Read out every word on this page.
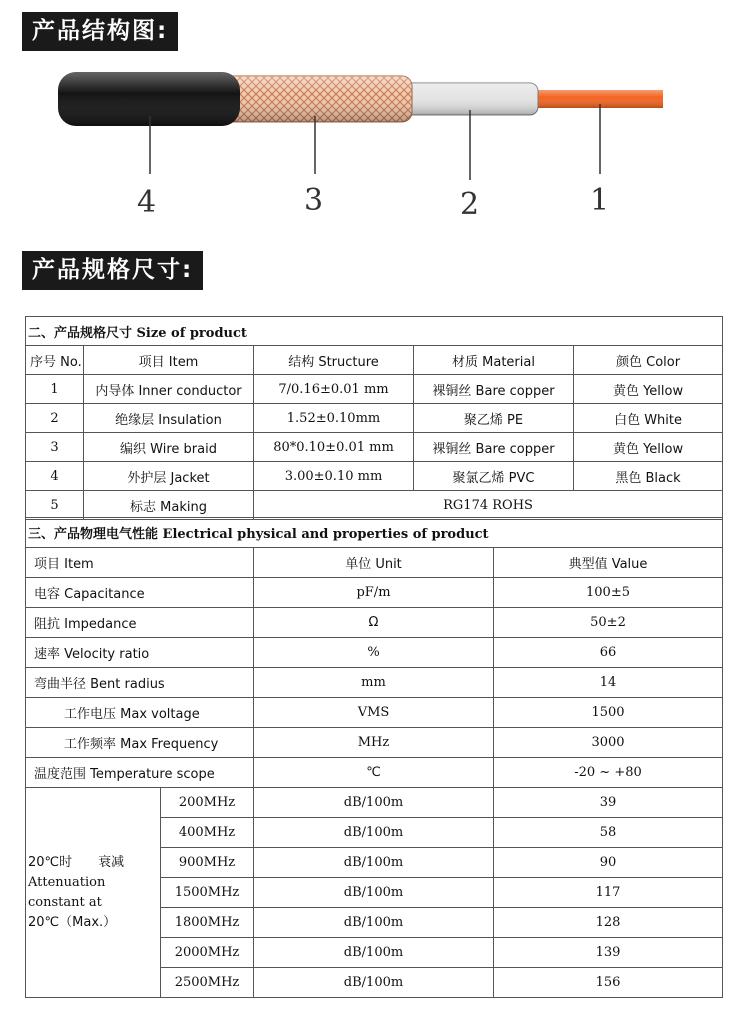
产品结构图:
4	3	2	1
产品规格尺寸:
二、产品规格尺寸 Size of product				
序号 No.	项目 Item	结构 Structure	材质 Material	颜色 Color
1	内导体 Inner conductor	7/0.16±0.01 mm	裸铜丝 Bare copper	黄色 Yellow
2	绝缘层 Insulation	1.52±0.10mm	聚乙烯 PE	白色 White
3	编织 Wire braid	80*0.10±0.01 mm	裸铜丝 Bare copper	黄色 Yellow
4	外护层 Jacket	3.00±0.10 mm	聚氯乙烯 PVC	黑色 Black
5	标志 Making	RG174 ROHS		
三、产品物理电气性能 Electrical physical and properties of product			
项目 Item		单位 Unit	典型值 Value
电容 Capacitance		pF/m	100±5
阻抗 Impedance		Ω	50±2
速率 Velocity ratio		%	66
弯曲半径 Bent radius		mm	14
工作电压 Max voltage		VMS	1500
工作频率 Max Frequency		MHz	3000
温度范围 Temperature scope		℃	-20 ~ +80
20℃时　　衰减
Attenuation constant at
20℃（Max.）	200MHz	dB/100m	39
	400MHz	dB/100m	58
	900MHz	dB/100m	90
	1500MHz	dB/100m	117
	1800MHz	dB/100m	128
	2000MHz	dB/100m	139
	2500MHz	dB/100m	156
